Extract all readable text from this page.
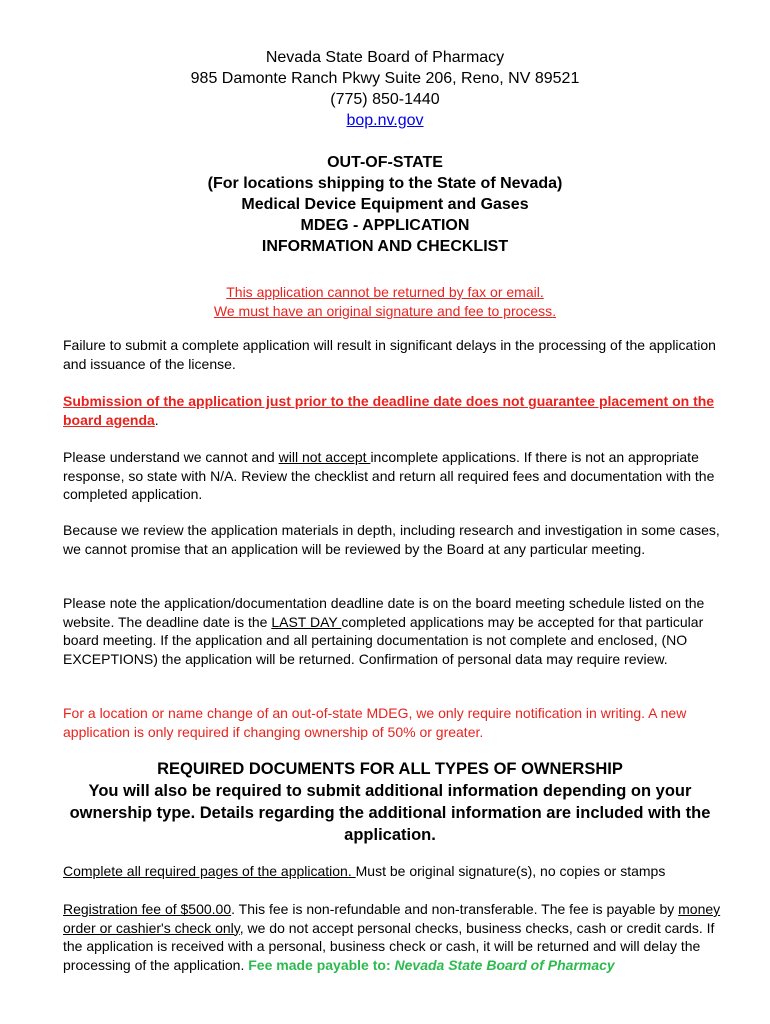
Nevada State Board of Pharmacy
985 Damonte Ranch Pkwy Suite 206, Reno, NV 89521
(775) 850-1440
bop.nv.gov
OUT-OF-STATE
(For locations shipping to the State of Nevada)
Medical Device Equipment and Gases
MDEG - APPLICATION
INFORMATION AND CHECKLIST
This application cannot be returned by fax or email.
We must have an original signature and fee to process.
Failure to submit a complete application will result in significant delays in the processing of the application and issuance of the license.
Submission of the application just prior to the deadline date does not guarantee placement on the board agenda.
Please understand we cannot and will not accept incomplete applications. If there is not an appropriate response, so state with N/A. Review the checklist and return all required fees and documentation with the completed application.
Because we review the application materials in depth, including research and investigation in some cases, we cannot promise that an application will be reviewed by the Board at any particular meeting.
Please note the application/documentation deadline date is on the board meeting schedule listed on the website. The deadline date is the LAST DAY completed applications may be accepted for that particular board meeting. If the application and all pertaining documentation is not complete and enclosed, (NO EXCEPTIONS) the application will be returned. Confirmation of personal data may require review.
For a location or name change of an out-of-state MDEG, we only require notification in writing. A new application is only required if changing ownership of 50% or greater.
REQUIRED DOCUMENTS FOR ALL TYPES OF OWNERSHIP
You will also be required to submit additional information depending on your ownership type. Details regarding the additional information are included with the application.
Complete all required pages of the application. Must be original signature(s), no copies or stamps
Registration fee of $500.00. This fee is non-refundable and non-transferable. The fee is payable by money order or cashier's check only, we do not accept personal checks, business checks, cash or credit cards. If the application is received with a personal, business check or cash, it will be returned and will delay the processing of the application. Fee made payable to: Nevada State Board of Pharmacy
